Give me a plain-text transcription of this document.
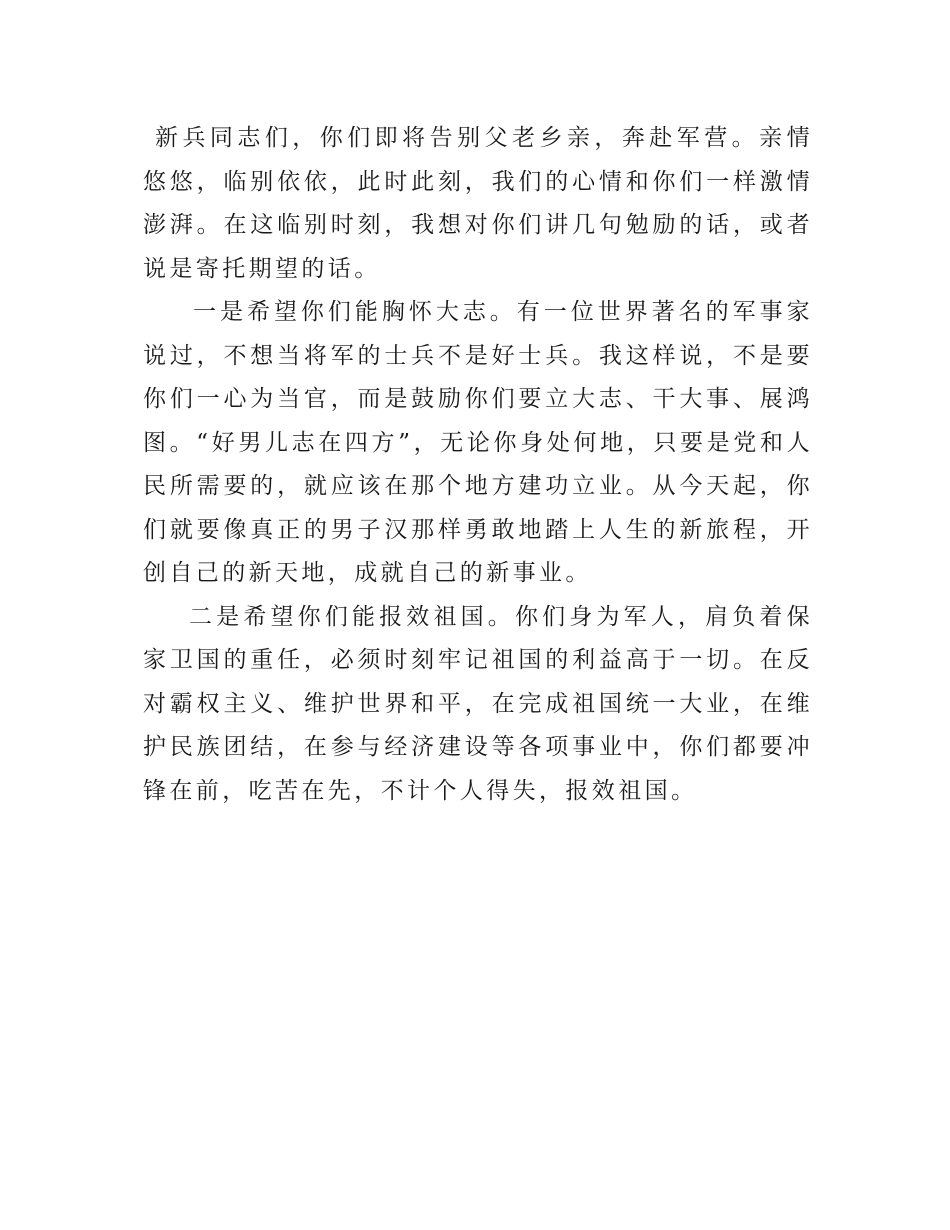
新兵同志们，你们即将告别父老乡亲，奔赴军营。亲情悠悠，临别依依，此时此刻，我们的心情和你们一样激情澎湃。在这临别时刻，我想对你们讲几句勉励的话，或者说是寄托期望的话。

一是希望你们能胸怀大志。有一位世界著名的军事家说过，不想当将军的士兵不是好士兵。我这样说，不是要你们一心为当官，而是鼓励你们要立大志、干大事、展鸿图。“好男儿志在四方”，无论你身处何地，只要是党和人民所需要的，就应该在那个地方建功立业。从今天起，你们就要像真正的男子汉那样勇敢地踏上人生的新旅程，开创自己的新天地，成就自己的新事业。

二是希望你们能报效祖国。你们身为军人，肩负着保家卫国的重任，必须时刻牢记祖国的利益高于一切。在反对霸权主义、维护世界和平，在完成祖国统一大业，在维护民族团结，在参与经济建设等各项事业中，你们都要冲锋在前，吃苦在先，不计个人得失，报效祖国。
